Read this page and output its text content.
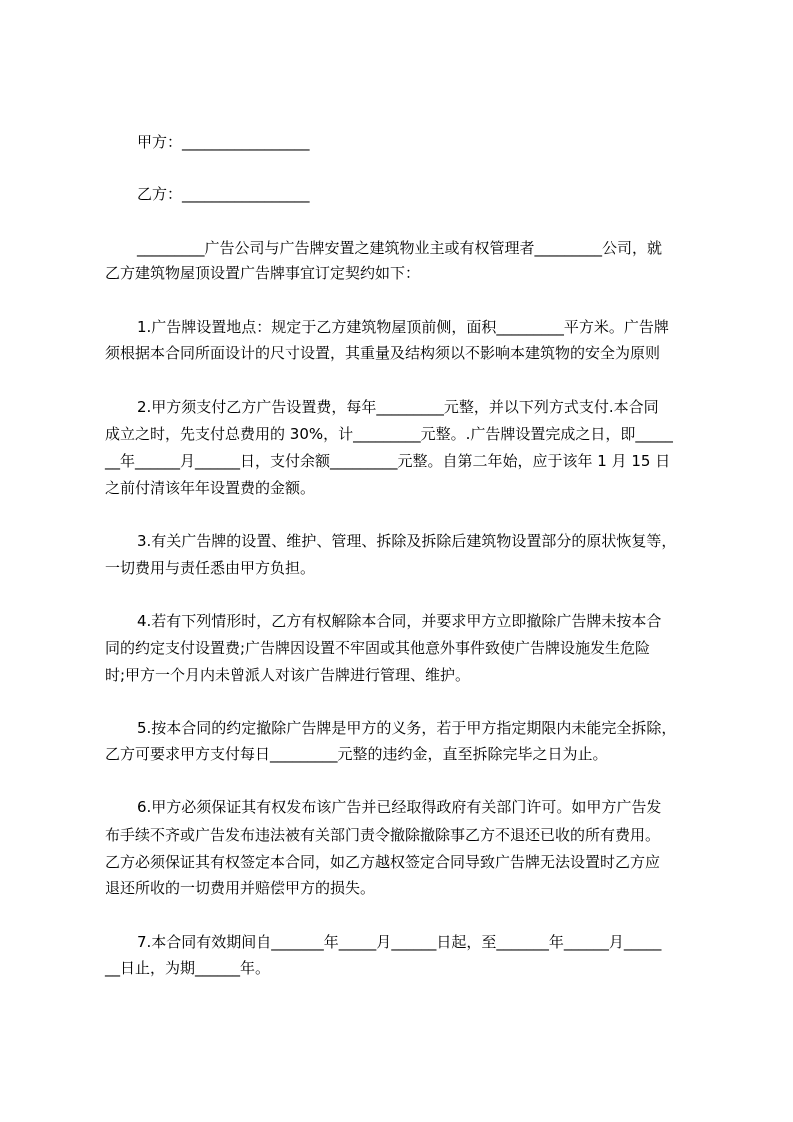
甲方：_________________
乙方：_________________
_________广告公司与广告牌安置之建筑物业主或有权管理者_________公司，就
乙方建筑物屋顶设置广告牌事宜订定契约如下：
1.广告牌设置地点：规定于乙方建筑物屋顶前侧，面积_________平方米。广告牌
须根据本合同所面设计的尺寸设置，其重量及结构须以不影响本建筑物的安全为原则
2.甲方须支付乙方广告设置费，每年_________元整，并以下列方式支付.本合同
成立之时，先支付总费用的 30%，计_________元整。.广告牌设置完成之日，即_____
__年______月______日，支付余额_________元整。自第二年始，应于该年 1 月 15 日
之前付清该年年设置费的金额。
3.有关广告牌的设置、维护、管理、拆除及拆除后建筑物设置部分的原状恢复等，
一切费用与责任悉由甲方负担。
4.若有下列情形时，乙方有权解除本合同，并要求甲方立即撤除广告牌未按本合
同的约定支付设置费;广告牌因设置不牢固或其他意外事件致使广告牌设施发生危险
时;甲方一个月内未曾派人对该广告牌进行管理、维护。
5.按本合同的约定撤除广告牌是甲方的义务，若于甲方指定期限内未能完全拆除，
乙方可要求甲方支付每日_________元整的违约金，直至拆除完毕之日为止。
6.甲方必须保证其有权发布该广告并已经取得政府有关部门许可。如甲方广告发
布手续不齐或广告发布违法被有关部门责令撤除撤除事乙方不退还已收的所有费用。
乙方必须保证其有权签定本合同，如乙方越权签定合同导致广告牌无法设置时乙方应
退还所收的一切费用并赔偿甲方的损失。
7.本合同有效期间自_______年_____月______日起，至_______年______月_____
__日止，为期______年。
